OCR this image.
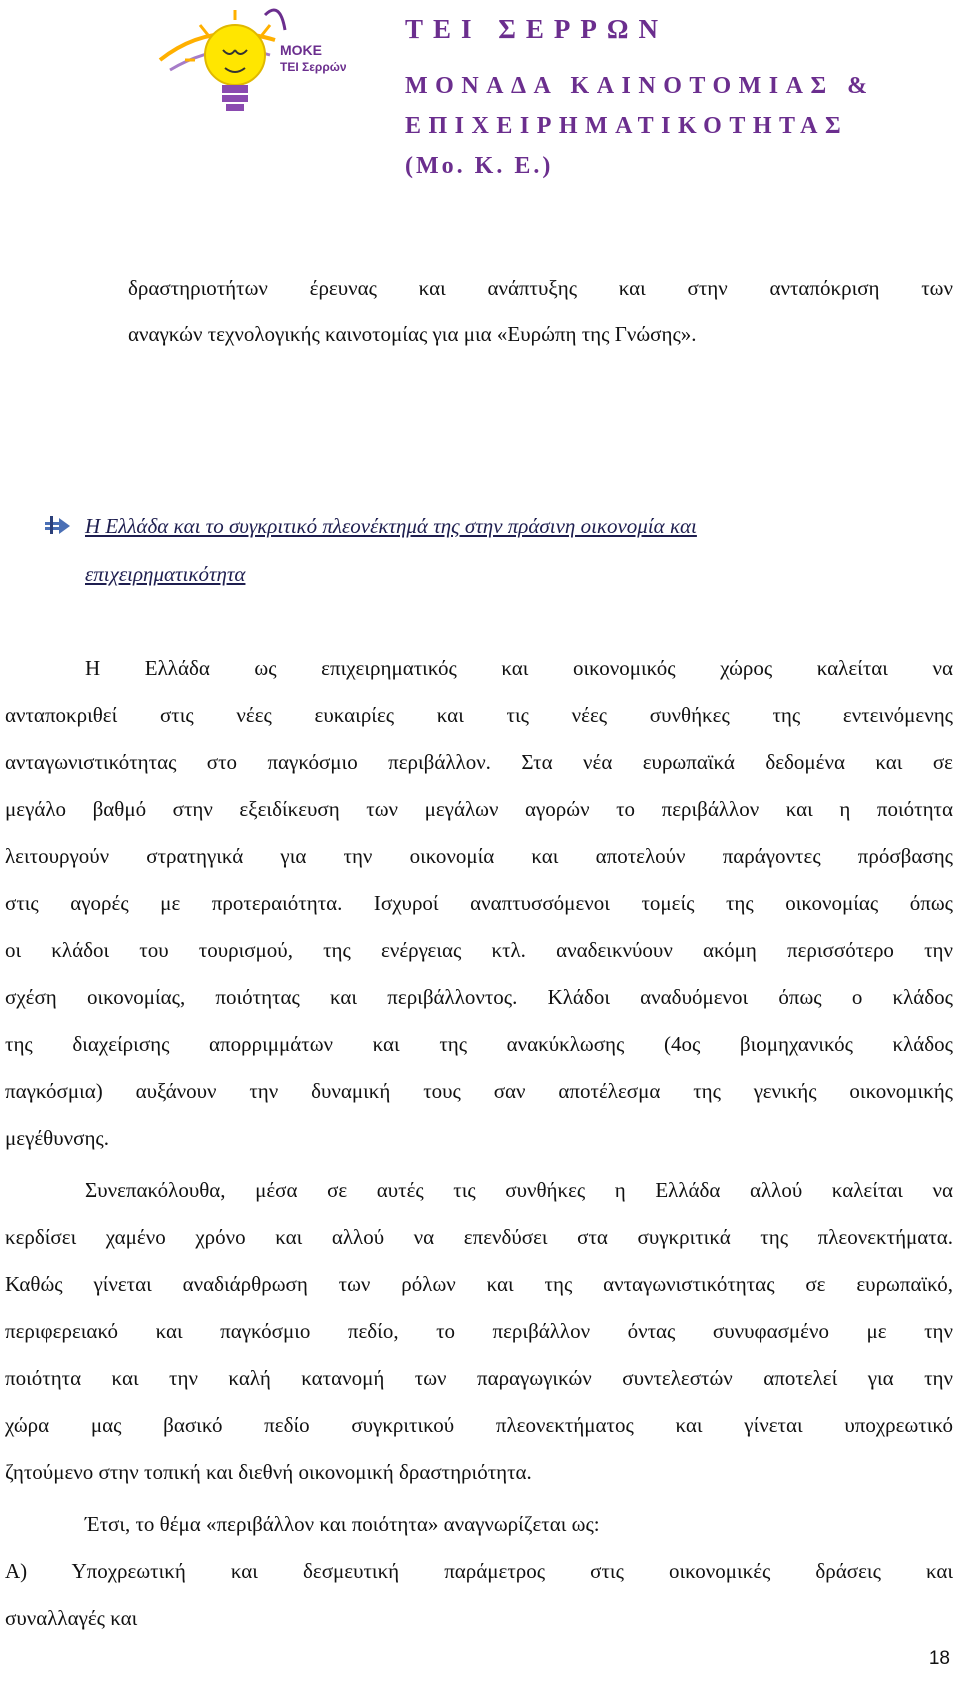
ΜΟΚΕ
ΤΕΙ Σερρών
ΤΕΙ ΣΕΡΡΩΝ
ΜΟΝΑΔΑ ΚΑΙΝΟΤΟΜΙΑΣ &
ΕΠΙΧΕΙΡΗΜΑΤΙΚΟΤΗΤΑΣ
(Μο. Κ. Ε.)
δραστηριοτήτων έρευνας και ανάπτυξης και στην ανταπόκριση των
αναγκών τεχνολογικής καινοτομίας για μια «Ευρώπη της Γνώσης».
Η Ελλάδα και το συγκριτικό πλεονέκτημά της στην πράσινη οικονομία και
επιχειρηματικότητα
Η Ελλάδα ως επιχειρηματικός και οικονομικός χώρος καλείται να
ανταποκριθεί στις νέες ευκαιρίες και τις νέες συνθήκες της εντεινόμενης
ανταγωνιστικότητας στο παγκόσμιο περιβάλλον. Στα νέα ευρωπαϊκά δεδομένα και σε
μεγάλο βαθμό στην εξειδίκευση των μεγάλων αγορών το περιβάλλον και η ποιότητα
λειτουργούν στρατηγικά για την οικονομία και αποτελούν παράγοντες πρόσβασης
στις αγορές με προτεραιότητα. Ισχυροί αναπτυσσόμενοι τομείς της οικονομίας όπως
οι κλάδοι του τουρισμού, της ενέργειας κτλ. αναδεικνύουν ακόμη περισσότερο την
σχέση οικονομίας, ποιότητας και περιβάλλοντος. Κλάδοι αναδυόμενοι όπως ο κλάδος
της διαχείρισης απορριμμάτων και της ανακύκλωσης (4ος βιομηχανικός κλάδος
παγκόσμια) αυξάνουν την δυναμική τους σαν αποτέλεσμα της γενικής οικονομικής
μεγέθυνσης.
Συνεπακόλουθα, μέσα σε αυτές τις συνθήκες η Ελλάδα αλλού καλείται να
κερδίσει χαμένο χρόνο και αλλού να επενδύσει στα συγκριτικά της πλεονεκτήματα.
Καθώς γίνεται αναδιάρθρωση των ρόλων και της ανταγωνιστικότητας σε ευρωπαϊκό,
περιφερειακό και παγκόσμιο πεδίο, το περιβάλλον όντας συνυφασμένο με την
ποιότητα και την καλή κατανομή των παραγωγικών συντελεστών αποτελεί για την
χώρα μας βασικό πεδίο συγκριτικού πλεονεκτήματος και γίνεται υποχρεωτικό
ζητούμενο στην τοπική και διεθνή οικονομική δραστηριότητα.
Έτσι, το θέμα «περιβάλλον και ποιότητα» αναγνωρίζεται ως:
Α) Υποχρεωτική και δεσμευτική παράμετρος στις οικονομικές δράσεις και
συναλλαγές και
18
